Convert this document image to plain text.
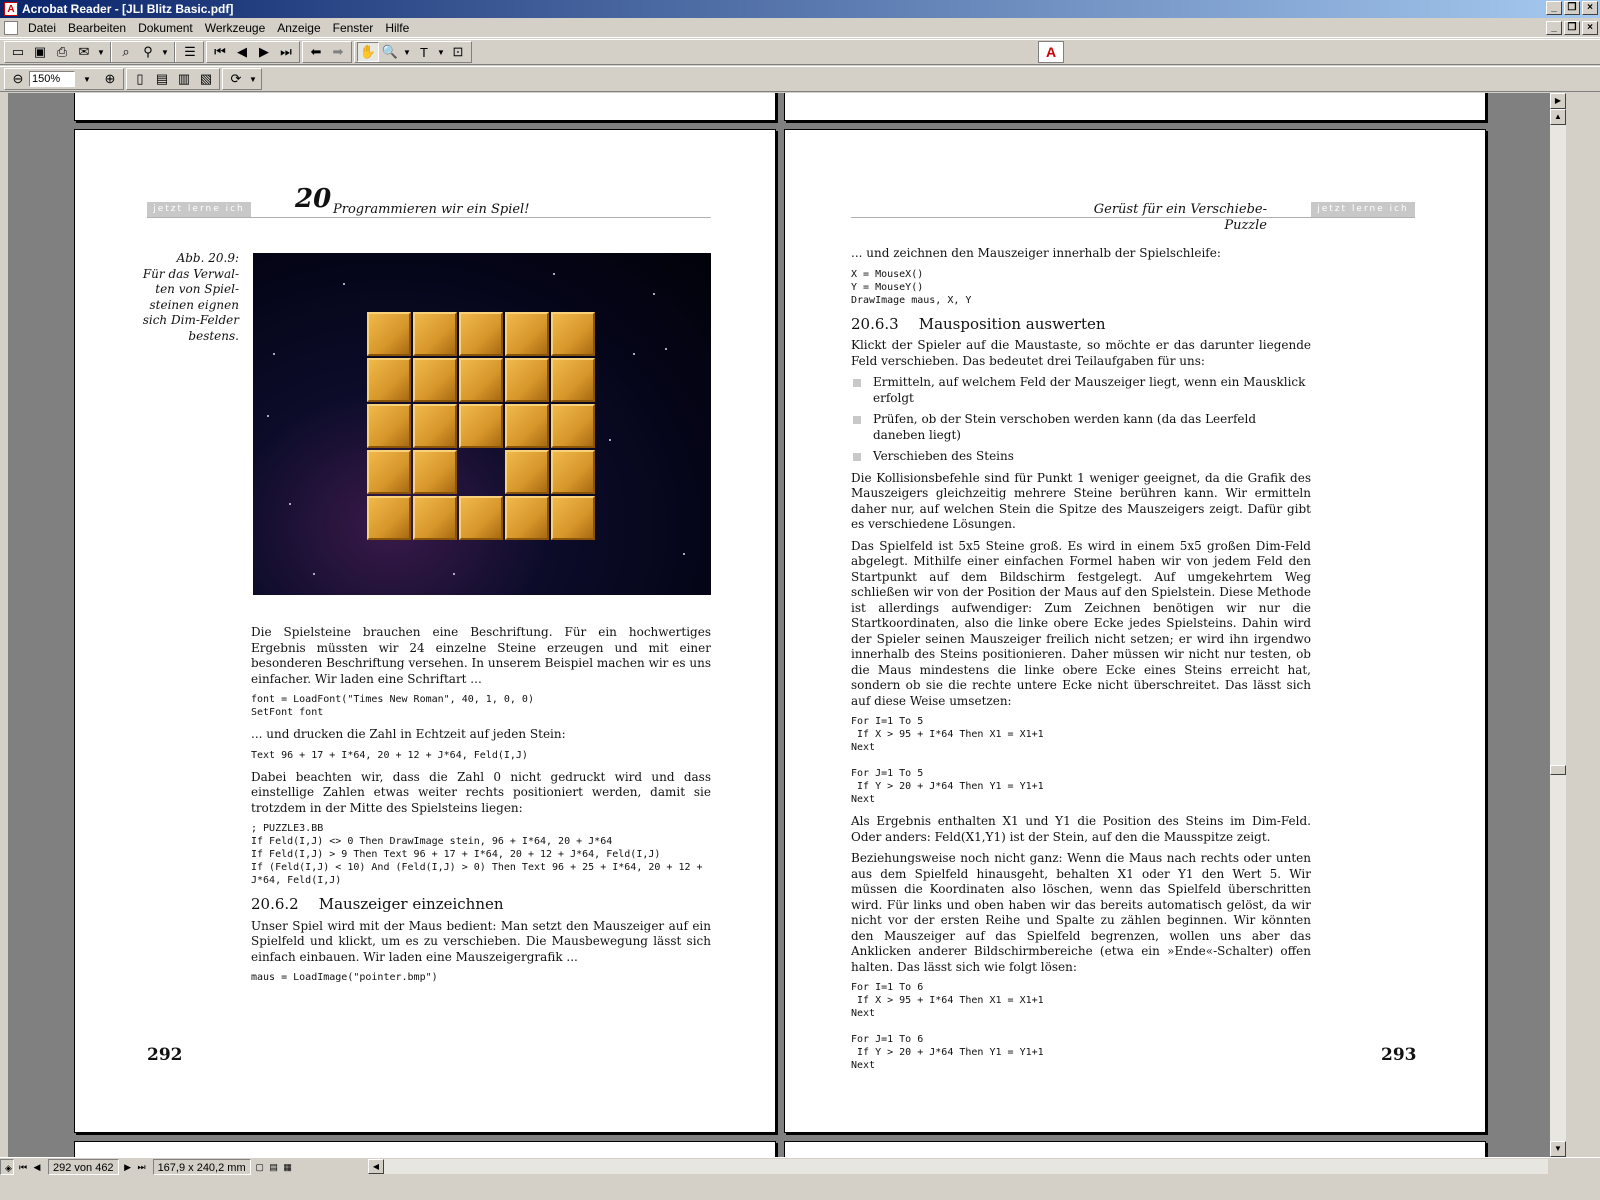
A Acrobat Reader - [JLI Blitz Basic.pdf]	_	❐	×
Datei	Bearbeiten	Dokument	Werkzeuge	Anzeige	Fenster	Hilfe	_	❐	×
▭ ▣ ⎙ ✉ ▼	⌕	⚲	▼	☰	⏮ ◀ ▶ ⏭	⬅ ➡	✋ 🔍 ▼ T	▼ ⊡	A
⊖ 150%	▼	⊕	▯ ▤ ▥ ▧	⟳ ▼
jetzt lerne ich 20 Programmieren wir ein Spiel!
Abb. 20.9:
Für das Verwal-
ten von Spiel-
steinen eignen
sich Dim-Felder
bestens.

Die Spielsteine brauchen eine Beschriftung. Für ein hochwertiges Ergebnis müssten wir 24 einzelne Steine erzeugen und mit einer besonderen Beschriftung versehen. In unserem Beispiel machen wir es uns einfacher. Wir laden eine Schriftart ...

font = LoadFont("Times New Roman", 40, 1, 0, 0)
SetFont font

... und drucken die Zahl in Echtzeit auf jeden Stein:

Text 96 + 17 + I*64, 20 + 12 + J*64, Feld(I,J)

Dabei beachten wir, dass die Zahl 0 nicht gedruckt wird und dass einstellige Zahlen etwas weiter rechts positioniert werden, damit sie trotzdem in der Mitte des Spielsteins liegen:

; PUZZLE3.BB
If Feld(I,J) <> 0 Then DrawImage stein, 96 + I*64, 20 + J*64
If Feld(I,J) > 9 Then Text 96 + 17 + I*64, 20 + 12 + J*64, Feld(I,J)
If (Feld(I,J) < 10) And (Feld(I,J) > 0) Then Text 96 + 25 + I*64, 20 + 12 +
J*64, Feld(I,J)
20.6.2 Mauszeiger einzeichnen

Unser Spiel wird mit der Maus bedient: Man setzt den Mauszeiger auf ein Spielfeld und klickt, um es zu verschieben. Die Mausbewegung lässt sich einfach einbauen. Wir laden eine Mauszeigergrafik ...

maus = LoadImage("pointer.bmp")
292
Gerüst für ein Verschiebe-Puzzle
jetzt lerne ich

... und zeichnen den Mauszeiger innerhalb der Spielschleife:

X = MouseX()
Y = MouseY()
DrawImage maus, X, Y
20.6.3 Mausposition auswerten

Klickt der Spieler auf die Maustaste, so möchte er das darunter liegende Feld verschieben. Das bedeutet drei Teilaufgaben für uns:

Ermitteln, auf welchem Feld der Mauszeiger liegt, wenn ein Mausklick erfolgt
Prüfen, ob der Stein verschoben werden kann (da das Leerfeld daneben liegt)
Verschieben des Steins

Die Kollisionsbefehle sind für Punkt 1 weniger geeignet, da die Grafik des Mauszeigers gleichzeitig mehrere Steine berühren kann. Wir ermitteln daher nur, auf welchen Stein die Spitze des Mauszeigers zeigt. Dafür gibt es verschiedene Lösungen.

Das Spielfeld ist 5x5 Steine groß. Es wird in einem 5x5 großen Dim-Feld abgelegt. Mithilfe einer einfachen Formel haben wir von jedem Feld den Startpunkt auf dem Bildschirm festgelegt. Auf umgekehrtem Weg schließen wir von der Position der Maus auf den Spielstein. Diese Methode ist allerdings aufwendiger: Zum Zeichnen benötigen wir nur die Startkoordinaten, also die linke obere Ecke jedes Spielsteins. Dahin wird der Spieler seinen Mauszeiger freilich nicht setzen; er wird ihn irgendwo innerhalb des Steins positionieren. Daher müssen wir nicht nur testen, ob die Maus mindestens die linke obere Ecke eines Steins erreicht hat, sondern ob sie die rechte untere Ecke nicht überschreitet. Das lässt sich auf diese Weise umsetzen:

For I=1 To 5
If X > 95 + I*64 Then X1 = X1+1
Next

For J=1 To 5
If Y > 20 + J*64 Then Y1 = Y1+1
Next

Als Ergebnis enthalten X1 und Y1 die Position des Steins im Dim-Feld. Oder anders: Feld(X1,Y1) ist der Stein, auf den die Mausspitze zeigt.

Beziehungsweise noch nicht ganz: Wenn die Maus nach rechts oder unten aus dem Spielfeld hinausgeht, behalten X1 oder Y1 den Wert 5. Wir müssen die Koordinaten also löschen, wenn das Spielfeld überschritten wird. Für links und oben haben wir das bereits automatisch gelöst, da wir nicht vor der ersten Reihe und Spalte zu zählen beginnen. Wir könnten den Mauszeiger auf das Spielfeld begrenzen, wollen uns aber das Anklicken anderer Bildschirmbereiche (etwa ein »Ende«-Schalter) offen halten. Das lässt sich wie folgt lösen:

For I=1 To 6
If X > 95 + I*64 Then X1 = X1+1
Next

For J=1 To 6
If Y > 20 + J*64 Then Y1 = Y1+1
Next
293
▶
▲
▼
◈ ⏮ ◀	292 von 462	▶ ⏭	167,9 x 240,2 mm	▢ ▤ ▦	◀
